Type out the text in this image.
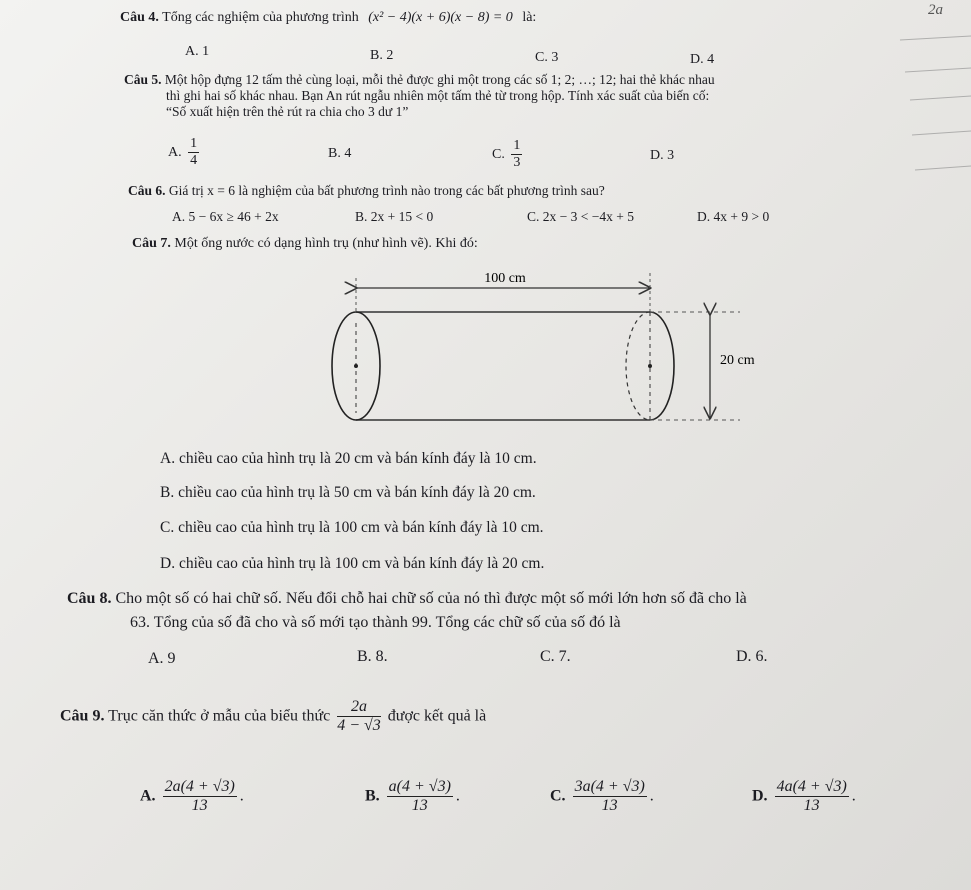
2a
Câu 4. Tổng các nghiệm của phương trình (x² − 4)(x + 6)(x − 8) = 0 là:
A. 1	B. 2	C. 3	D. 4
Câu 5. Một hộp đựng 12 tấm thẻ cùng loại, mỗi thẻ được ghi một trong các số 1; 2; …; 12; hai thẻ khác nhau
thì ghi hai số khác nhau. Bạn An rút ngẫu nhiên một tấm thẻ từ trong hộp. Tính xác suất của biến cố:
“Số xuất hiện trên thẻ rút ra chia cho 3 dư 1”
A. $\frac{1}{4}$	B. 4	C. $\frac{1}{3}$	D. 3
Câu 6. Giá trị x = 6 là nghiệm của bất phương trình nào trong các bất phương trình sau?
A. 5 − 6x ≥ 46 + 2x	B. 2x + 15 < 0	C. 2x − 3 < −4x + 5	D. 4x + 9 > 0
Câu 7. Một ống nước có dạng hình trụ (như hình vẽ). Khi đó:
100 cm
20 cm
A. chiều cao của hình trụ là 20 cm và bán kính đáy là 10 cm.
B. chiều cao của hình trụ là 50 cm và bán kính đáy là 20 cm.
C. chiều cao của hình trụ là 100 cm và bán kính đáy là 10 cm.
D. chiều cao của hình trụ là 100 cm và bán kính đáy là 20 cm.
Câu 8. Cho một số có hai chữ số. Nếu đổi chỗ hai chữ số của nó thì được một số mới lớn hơn số đã cho là
63. Tổng của số đã cho và số mới tạo thành 99. Tổng các chữ số của số đó là
A. 9	B. 8.	C. 7.	D. 6.
Câu 9. Trục căn thức ở mẫu của biểu thức $\frac{2a}{4 - √3}$ được kết quả là
A. $\frac{2a(4 + √3)}{13}$ .	B. $\frac{a(4 + √3)}{13}$ .	C. $\frac{3a(4 + √3)}{13}$ .	D. $\frac{4a(4 + √3)}{13}$ .
